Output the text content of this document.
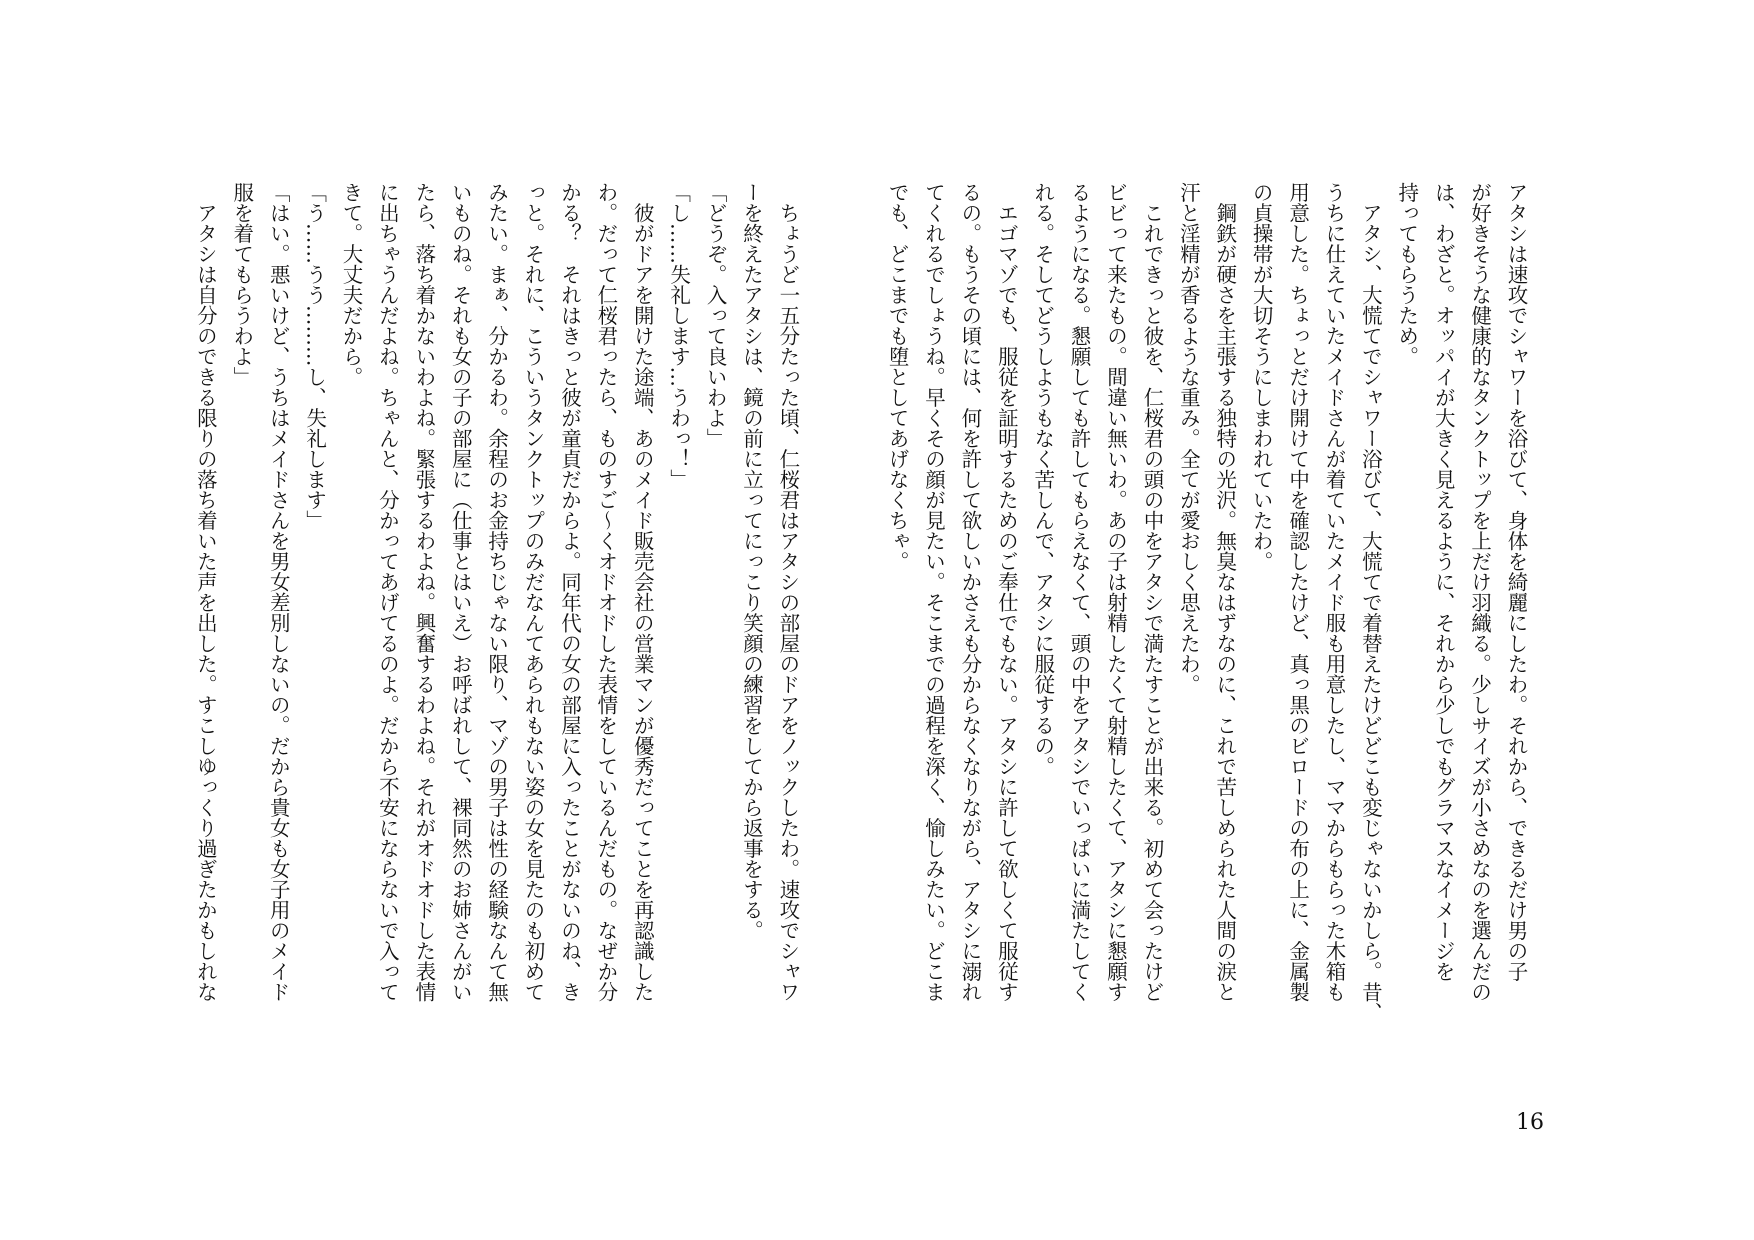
アタシは速攻でシャワーを浴びて、身体を綺麗にしたわ。それから、できるだけ男の子
が好きそうな健康的なタンクトップを上だけ羽織る。少しサイズが小さめなのを選んだの
は、わざと。オッパイが大きく見えるように、それから少しでもグラマスなイメージを
持ってもらうため。
　アタシ、大慌てでシャワー浴びて、大慌てで着替えたけどどこも変じゃないかしら。昔、
うちに仕えていたメイドさんが着ていたメイド服も用意したし、ママからもらった木箱も
用意した。ちょっとだけ開けて中を確認したけど、真っ黒のビロードの布の上に、金属製
の貞操帯が大切そうにしまわれていたわ。
　鋼鉄が硬さを主張する独特の光沢。無臭なはずなのに、これで苦しめられた人間の涙と
汗と淫精が香るような重み。全てが愛おしく思えたわ。
　これできっと彼を、仁桜君の頭の中をアタシで満たすことが出来る。初めて会ったけど
ビビって来たもの。間違い無いわ。あの子は射精したくて射精したくて、アタシに懇願す
るようになる。懇願しても許してもらえなくて、頭の中をアタシでいっぱいに満たしてく
れる。そしてどうしようもなく苦しんで、アタシに服従するの。
　エゴマゾでも、服従を証明するためのご奉仕でもない。アタシに許して欲しくて服従す
るの。もうその頃には、何を許して欲しいかさえも分からなくなりながら、アタシに溺れ
てくれるでしょうね。早くその顔が見たい。そこまでの過程を深く、愉しみたい。どこま
でも、どこまでも堕としてあげなくちゃ。

　ちょうど一五分たった頃、仁桜君はアタシの部屋のドアをノックしたわ。速攻でシャワ
ーを終えたアタシは、鏡の前に立ってにっこり笑顔の練習をしてから返事をする。
「どうぞ。入って良いわよ」
「し……失礼します…うわっ！」
　彼がドアを開けた途端、あのメイド販売会社の営業マンが優秀だってことを再認識した
わ。だって仁桜君ったら、ものすご～くオドオドした表情をしているんだもの。なぜか分
かる？　それはきっと彼が童貞だからよ。同年代の女の部屋に入ったことがないのね、き
っと。それに、こういうタンクトップのみだなんてあられもない姿の女を見たのも初めて
みたい。まぁ、分かるわ。余程のお金持ちじゃない限り、マゾの男子は性の経験なんて無
いものね。それも女の子の部屋に（仕事とはいえ）お呼ばれして、裸同然のお姉さんがい
たら、落ち着かないわよね。緊張するわよね。興奮するわよね。それがオドオドした表情
に出ちゃうんだよね。ちゃんと、分かってあげてるのよ。だから不安にならないで入って
きて。大丈夫だから。
「う……うう………し、失礼します」
「はい。悪いけど、うちはメイドさんを男女差別しないの。だから貴女も女子用のメイド
服を着てもらうわよ」
　アタシは自分のできる限りの落ち着いた声を出した。すこしゆっくり過ぎたかもしれな
16
